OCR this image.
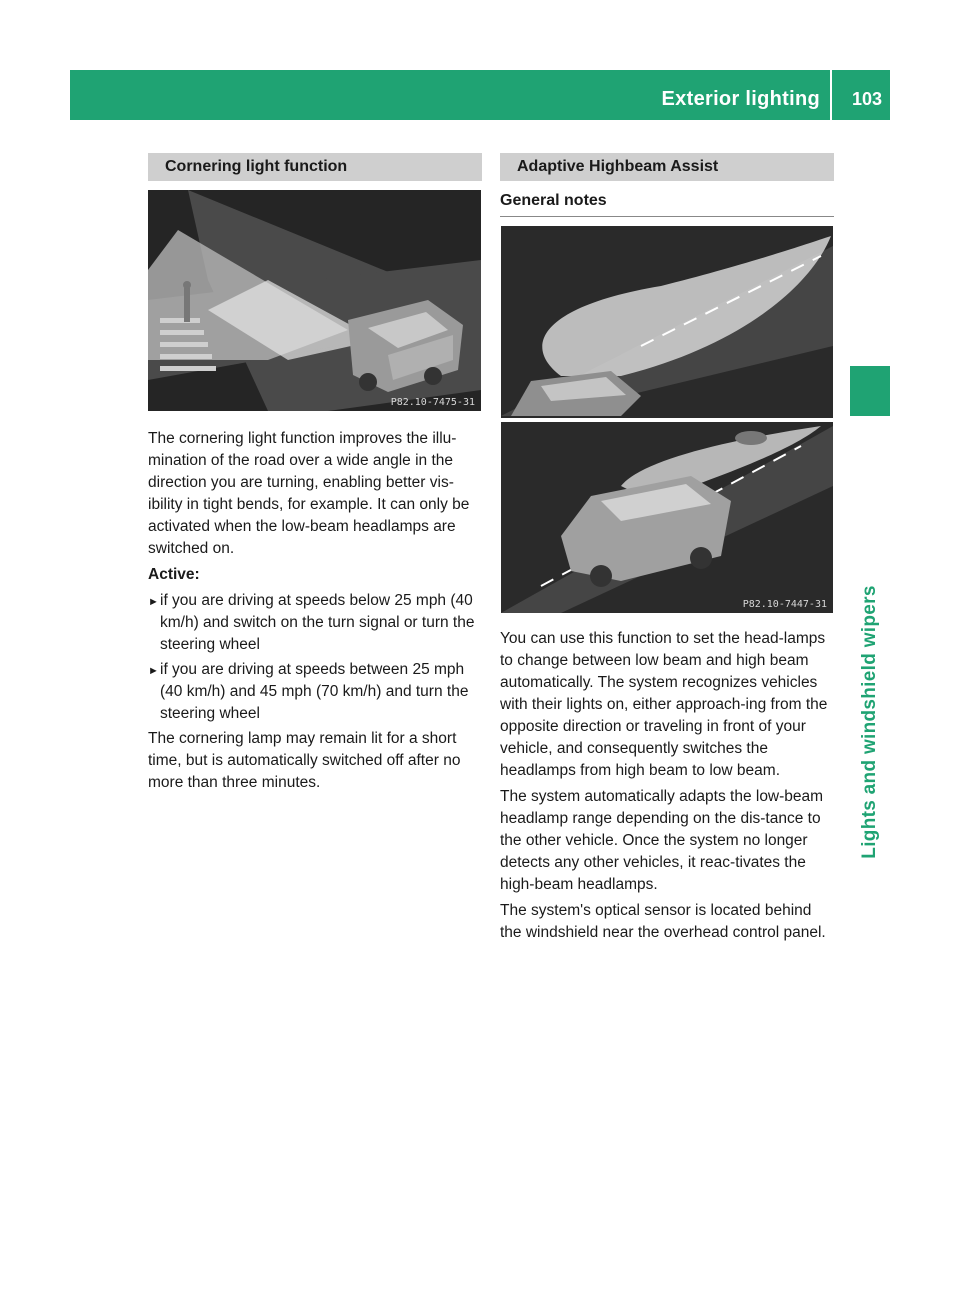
Exterior lighting 103
Lights and windshield wipers
Cornering light function
P82.10-7475-31

The cornering light function improves the illu-mination of the road over a wide angle in the direction you are turning, enabling better vis-ibility in tight bends, for example. It can only be activated when the low-beam headlamps are switched on.

Active:

► if you are driving at speeds below 25 mph (40 km/h) and switch on the turn signal or turn the steering wheel
► if you are driving at speeds between 25 mph (40 km/h) and 45 mph (70 km/h) and turn the steering wheel

The cornering lamp may remain lit for a short time, but is automatically switched off after no more than three minutes.

Adaptive Highbeam Assist
General notes
P82.10-7447-31

You can use this function to set the head-lamps to change between low beam and high beam automatically. The system recognizes vehicles with their lights on, either approach-ing from the opposite direction or traveling in front of your vehicle, and consequently switches the headlamps from high beam to low beam.

The system automatically adapts the low-beam headlamp range depending on the dis-tance to the other vehicle. Once the system no longer detects any other vehicles, it reac-tivates the high-beam headlamps.

The system's optical sensor is located behind the windshield near the overhead control panel.
